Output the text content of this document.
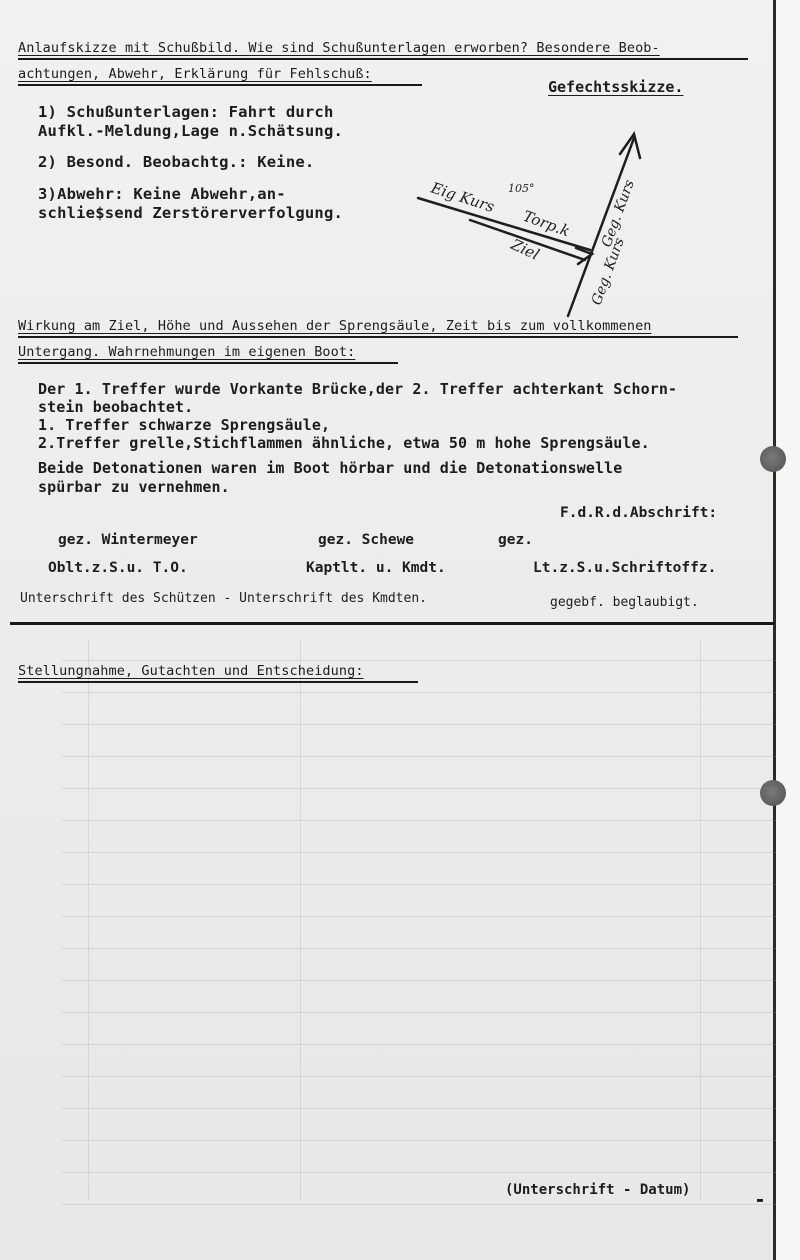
Anlaufskizze mit Schußbild. Wie sind Schußunterlagen erworben? Besondere Beob-
achtungen, Abwehr, Erklärung für Fehlschuß:
1) Schußunterlagen: Fahrt durch
Aufkl.-Meldung,Lage n.Schätsung.
2) Besond. Beobachtg.: Keine.
3)Abwehr: Keine Abwehr,an-
schlie$send Zerstörerverfolgung.
Gefechtsskizze.
Eig Kurs 105°
Torp.k
Ziel
Geg. Kurs
Geg. Kurs
Wirkung am Ziel, Höhe und Aussehen der Sprengsäule, Zeit bis zum vollkommenen
Untergang. Wahrnehmungen im eigenen Boot:
Der 1. Treffer wurde Vorkante Brücke,der 2. Treffer achterkant Schorn-
stein beobachtet.
1. Treffer schwarze Sprengsäule,
2.Treffer grelle,Stichflammen ähnliche, etwa 50 m hohe Sprengsäule.
Beide Detonationen waren im Boot hörbar und die Detonationswelle
spürbar zu vernehmen.
F.d.R.d.Abschrift:
gez. Wintermeyer	gez. Schewe	gez.
Oblt.z.S.u. T.O.	Kaptlt. u. Kmdt.	Lt.z.S.u.Schriftoffz.
Unterschrift des Schützen - Unterschrift des Kmdten.	gegebf. beglaubigt.
Stellungnahme, Gutachten und Entscheidung:
(Unterschrift - Datum)
▮
